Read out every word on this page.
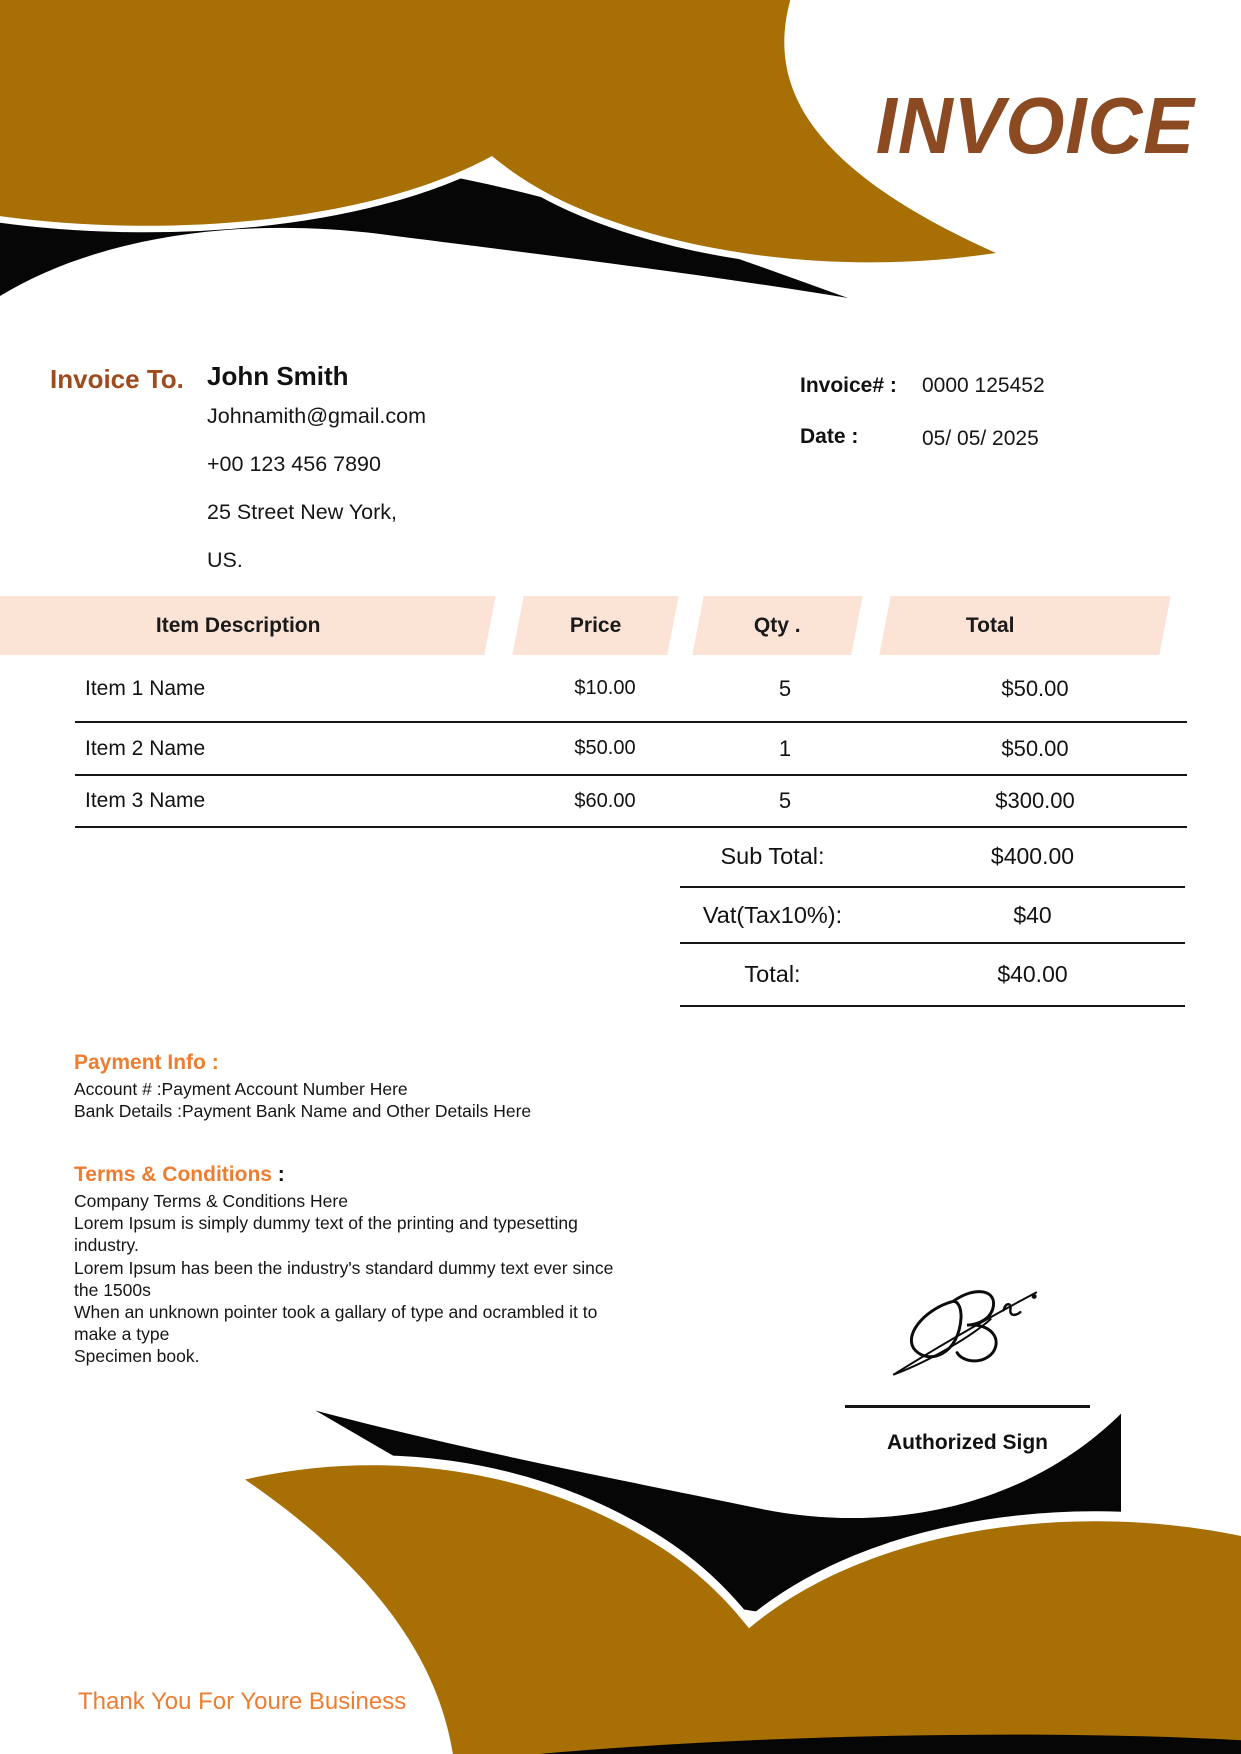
INVOICE
Invoice To. John Smith
Johnamith@gmail.com
+00 123 456 7890
25 Street New York,
US.
Invoice# : 0000 125452
Date :	05/ 05/ 2025
Item Description	Price	Qty .	Total
Item 1 Name	$10.00	5	$50.00
Item 2 Name	$50.00	1	$50.00
Item 3 Name	$60.00	5	$300.00
Sub Total:	$400.00
Vat(Tax10%):	$40
Total:	$40.00
Payment Info :
Account # :Payment Account Number Here
Bank Details :Payment Bank Name and Other Details Here
Terms & Conditions :
Company Terms & Conditions Here
Lorem Ipsum is simply dummy text of the printing and typesetting industry.
Lorem Ipsum has been the industry's standard dummy text ever since the 1500s
When an unknown pointer took a gallary of type and ocrambled it to make a type
Specimen book.
Authorized Sign
Thank You For Youre Business
